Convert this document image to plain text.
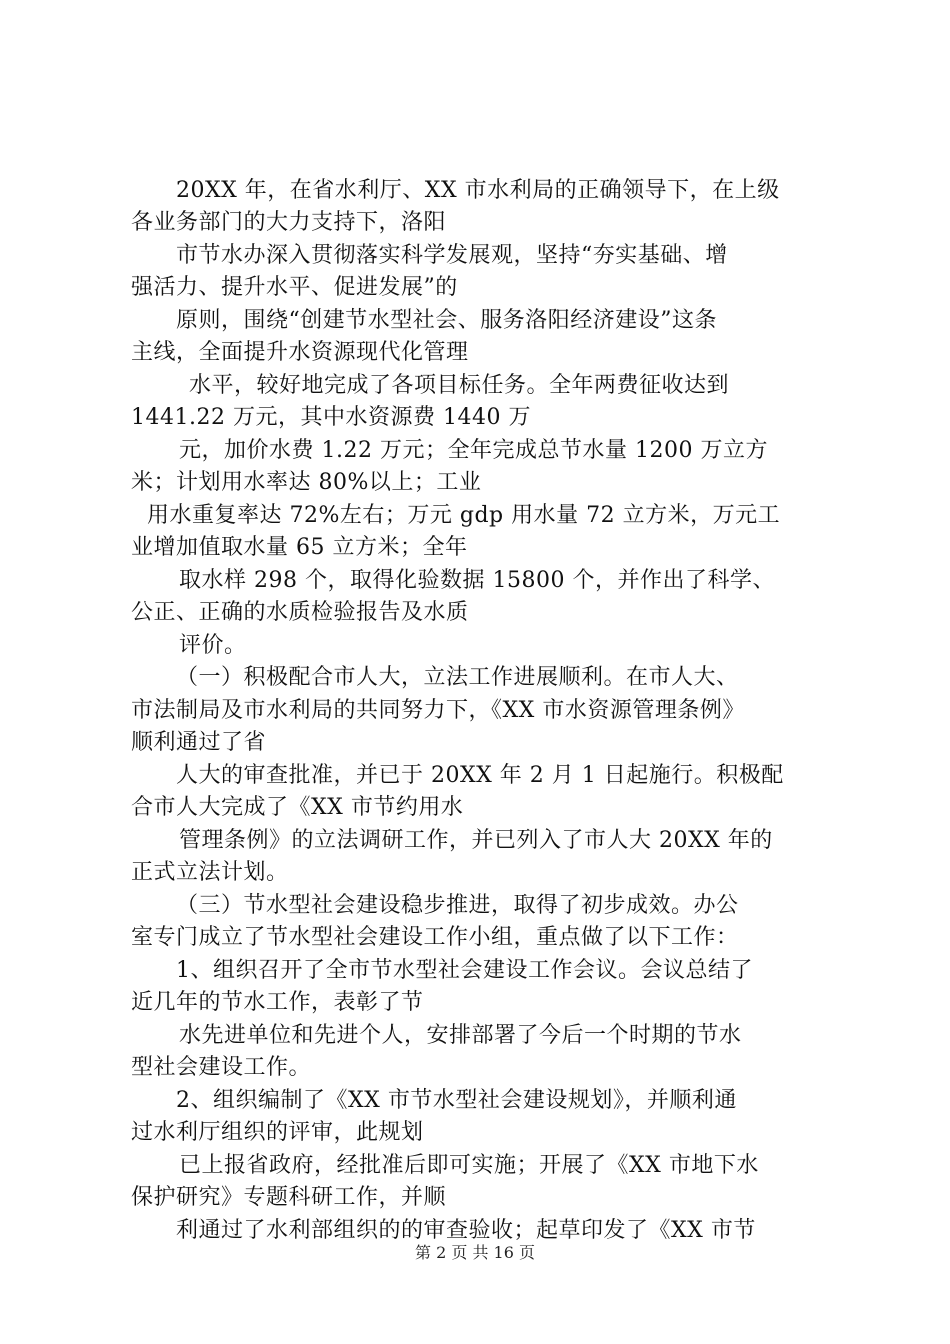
20XX 年，在省水利厅、XX 市水利局的正确领导下，在上级
各业务部门的大力支持下，洛阳
市节水办深入贯彻落实科学发展观，坚持“夯实基础、增
强活力、提升水平、促进发展”的
原则，围绕“创建节水型社会、服务洛阳经济建设”这条
主线，全面提升水资源现代化管理
水平，较好地完成了各项目标任务。全年两费征收达到
1441.22 万元，其中水资源费 1440 万
元，加价水费 1.22 万元；全年完成总节水量 1200 万立方
米；计划用水率达 80%以上；工业
用水重复率达 72%左右；万元 gdp 用水量 72 立方米，万元工
业增加值取水量 65 立方米；全年
取水样 298 个，取得化验数据 15800 个，并作出了科学、
公正、正确的水质检验报告及水质
评价。
（一）积极配合市人大，立法工作进展顺利。在市人大、
市法制局及市水利局的共同努力下，《XX 市水资源管理条例》
顺利通过了省
人大的审查批准，并已于 20XX 年 2 月 1 日起施行。积极配
合市人大完成了《XX 市节约用水
管理条例》的立法调研工作，并已列入了市人大 20XX 年的
正式立法计划。
（三）节水型社会建设稳步推进，取得了初步成效。办公
室专门成立了节水型社会建设工作小组，重点做了以下工作：
1、组织召开了全市节水型社会建设工作会议。会议总结了
近几年的节水工作，表彰了节
水先进单位和先进个人，安排部署了今后一个时期的节水
型社会建设工作。
2、组织编制了《XX 市节水型社会建设规划》，并顺利通
过水利厅组织的评审，此规划
已上报省政府，经批准后即可实施；开展了《XX 市地下水
保护研究》专题科研工作，并顺
利通过了水利部组织的的审查验收；起草印发了《XX 市节
第 2 页 共 16 页
